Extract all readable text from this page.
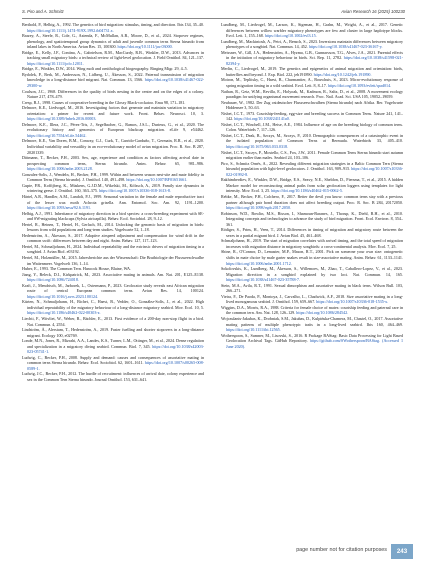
S. Piro and A. Schmitz	Avian Research 16 (2025) 100230

Berthold, P., Helbig, A., 1992. The genetics of bird migration: stimulus, timing, and direction. Ibis 134, 35–40. https://doi.org/10.1111/j.1474-919X.1992.tb04731.x.

Brazey, A., Steele, R., Cole, G., Azienda, F., McMullan, A.B., Moore, D., et al., 2024. Stopover regimes, phenology, and spatiotemporal group dynamics of adult and juvenile common terns Sterna hirundo from inland lakes in North America. Avian Res. 15, 100300. https://doi.org/10.1111/jav.03000.

Bridge, E., Kelly, J.F., Contina, A., Gabrielson, R.M., MacCurdy, R.B., Winkler, D.W., 2013. Advances in tracking small migratory birds: a technical review of light-level geolocation. J. Field Ornithol. 84, 121–137. https://doi.org/10.1111/jofo.12011.

Bridge, E., Winkler, D.W., 2014. Wing molt and ornithological biogeography. Ringing Migr. 29, 4–5.

Bydolek, P., Berk, M., Andersson, N., Lidberg, U., Åkesson, S., 2022. Paternal transmission of migration knowledge in a long-distance bird migrant. Nat. Commun. 13, 1566. https://doi.org/10.1038/s41467-022-29300-w.

Coulson, J.C., 1968. Differences in the quality of birds nesting in the centre and on the edges of a colony. Nature 217, 478–479.

Cresp, B.J., 1998. Causes of cooperative breeding in the Glossy Black-cockatoo. Emu 98, 171–181.

Delmore, K.E., Liedvogel, M., 2016. Investigating factors that generate and maintain variation in migratory orientation: a primer for recent and future work. Front. Behav. Neurosci. 10, 3. https://doi.org/10.3389/fnbeh.2016.00003.

Delmore, K.E., Illera, J.C., Pérez-Tris, J., Segelbacher, G., Ramos, J.S.L., Durieux, G., et al., 2020. The evolutionary history and genomics of European blackcap migration. eLife 9, e54462. https://doi.org/10.7554/eLife.54462.

Delmore, K.E., Van Doren, B.M., Conway, G.J., Curk, T., Garrido-Garduño, T., Germain, R.R., et al., 2020. Individual variability and versatility in an eco-evolutionary model of avian migration. Proc. R. Soc. B 287, 20201339.

Dittmann, T., Becker, P.H., 2003. Sex, age, experience and condition as factors affecting arrival date in prospecting common terns, Sterna hirundo. Anim. Behav. 65, 981–986. https://doi.org/10.1006/anbe.2003.2128.

Gonzalez-Solis, J., Wendeln, H., Becker, P.H., 1999. Within and between season nest-site and mate fidelity in Common Terns (Sterna hirundo). J. Ornithol. 140, 491–498. https://doi.org/10.1007/BF01651661.

Gupte, P.R., Koffijberg, K., Müskens, G.J.D.M., Wikelski, M., Kölzsch, A., 2019. Family size dynamics in wintering geese. J. Ornithol. 160, 363–375. https://doi.org/10.1007/s10336-018-1613-8.

Härtel, A.R., Handler, A.M., Landolt, P.J., 1999. Seasonal variation in the female and male reproductive tract of the lesser wax moth Achroia grisella. Ann. Entomol. Soc. Am. 92, 1191–1200. https://doi.org/10.1093/aesa/92.6.1191.

Helbig, A.J., 1991. Inheritance of migratory direction in a bird species: a cross-breeding experiment with SE- and SW-migrating blackcaps (Sylvia atricapilla). Behav. Ecol. Sociobiol. 28, 9–12.

Hertel, R., Heinen, T., Hertel, H., Gerlach, M., 2014. Unlocking the genomic basis of migration in birds: lessons from wild populations and long-term studies. Vogelwarte 52, 1–18.

Hedenström, A., Åkesson, S., 2017. Adaptive airspeed adjustment and compensation for wind drift in the common swift: differences between day and night. Anim. Behav. 127, 117–123.

Hertel, M., Schmaljohann, H., 2024. Individual repeatability and the extrinsic drivers of migration timing in a songbird. J. Avian Biol. e03192.

Hertel, M., Holzmüller, M., 2015. Jahresberichte aus der Wissenschaft: Die Brutbiologie der Flussseeschwalbe im Wattenmeer. Vogelwelt 136, 1–14.

Huber, E., 1993. The Common Tern. Hancock House, Blaine, WA.

Jiang, Y., Beleck, D.I., Kirkpatrick, M., 2023. Associative mating in animals. Am. Nat. 201, E125–E138. https://doi.org/10.1086/724018.

Kraft, J., Mendrisch, M., Jarborek, L., Ostermann, P., 2023. Geolocator study reveals east African migration route of central European common terns. Avian Res. 14, 100124. https://doi.org/10.1016/j.avrs.2023.100124.

Kürten, N., Schmaljohann, H., Bichet, C., Haest, B., Vedder, O., González-Solís, J., et al., 2022. High individual repeatability of the migratory behaviour of a long-distance migratory seabird. Mov. Ecol. 10, 5. https://doi.org/10.1186/s40462-022-00303-z.

Liechti, F., Witvliet, W., Weber, R., Bächler, E., 2013. First evidence of a 200-day non-stop flight in a bird. Nat. Commun. 4, 2554.

Lindström, Å., Alerstam, T., Hedenström, A., 2019. Faster fuelling and shorter stopovers in a long-distance migrant. Ecology 100, e02769.

Londe, M.N., Jones, R., Mizrahi, A.A., Landes, K.S., Turner, L.M., Ottinger, M., et al., 2024. Dense regulation and specialization in a migratory diving seabird. Commun. Biol. 7, 345. https://doi.org/10.1038/s42003-023-05741-1.

Ludwig, C., Becker, P.H., 2008. Supply and demand: causes and consequences of assortative mating in common terns Sterna hirundo. Behav. Ecol. Sociobiol. 62, 1601–1611. https://doi.org/10.1007/s00265-008-0589-1.

Ludwig, J.C., Becker, P.H., 2012. The hurdle of recruitment: influences of arrival date, colony experience and sex in the Common Tern Sterna hirundo. Journal Ornithol. 153, 631–641.

Lundberg, M., Liedvogel, M., Larson, K., Sigeman, H., Grahn, M., Wright, A., et al., 2017. Genetic differences between willow warbler migratory phenotypes are few and cluster in large haplotype blocks. Evol. Lett. 1, 155–168. https://doi.org/10.1002/evl3.15.

Lundberg, M., Mackintosh, A., Petri, A., Bensch, S., 2023. Inversions maintain differences between migratory phenotypes of a songbird. Nat. Commun. 14, 452. https://doi.org/10.1038/s41467-023-36167-y.

Meissner, W., Gill, J.A., Hedenström, A., Hyzma, G.B., Gunnarsson, T.G., Alves, J.A., 2021. Parental effects in the initiation of migratory behaviour in birds. Sci. Rep. 11, 2782. https://doi.org/10.1038/s41598-021-82394-y.

Merlin, C., Liedvogel, M., 2019. The genetics and epigenetics of animal migration and orientation: birds, butterflies and beyond. J. Exp. Biol. 222, jeb191890. https://doi.org/10.1242/jeb.191890.

Moiron, M., Teplitsky, C., Haest, B., Charmantier, A., Bouwhuis, S., 2023. Micro-evolutionary response of spring migration timing in a wild seabird. Evol. Lett. 8, 8–17. https://doi.org/10.1093/evlett/qrad014.

Nathan, R., Getz, W.M., Revilla, E., Holyoak, M., Kadmon, R., Saltz, D., et al., 2008. A movement ecology paradigm for unifying organismal movement research. Proc. Natl. Acad. Sci. USA 105, 19052–19059.

Neubauer, W., 1982. Der Zug ostdeutscher Flussseeschwalben (Sterna hirundo) nach Afrika. Ber. Vogelwarte Hiddensee 3, 50–63.

Nisbet, I.C.T., 1973. Courtship-feeding, egg-size and breeding success in Common Terns. Nature 241, 141–142. https://doi.org/10.1038/241141a0.

Nisbet, I.C.T., Winchell, J.M., Heise, A.E., 1984. Influence of age on the breeding biology of common terns. Colon. Waterbirds 7, 117–126.

Nisbet, I.C.T., Deak, B., Szczys, M., Szczys, P., 2010. Demographic consequences of a catastrophic event in the isolated population of Common Terns at Bermuda. Waterbirds 33, 405–410. https://doi.org/10.1675/063.033.0318.

Nisbet, I.C.T., Szczys, P., Mostello, C.S., Fox, J.W., 2011. Female Common Terns Sterna hirundo start autumn migration earlier than males. Seabird 24, 103–106.

Piro, S., Schmitz Ornés, A., 2022. Revealing different migration strategies in a Baltic Common Tern (Sterna hirundo) population with light-level geolocators. J. Ornithol. 163, 909–915. https://doi.org/10.1007/s10336-022-01992-8.

Rakhimberdiev, E., Winkler, D.W., Bridge, E.S., Seavy, N.E., Sheldon, D., Piersma, T., et al., 2015. A hidden Markov model for reconstructing animal paths from solar geolocation loggers using templates for light intensity. Mov. Ecol. 3, 25. https://doi.org/10.1186/s40462-015-0062-5.

Rebke, M., Becker, P.H., Colchero, F., 2017. Better the devil you know: common terns stay with a previous partner although pair bond duration does not affect breeding output. Proc. R. Soc. B 284, 20172050. https://doi.org/10.1098/rspb.2017.2050.

Robinson, W.D., Bowlin, M.S., Bisson, I., Shamoun-Baranes, J., Thorup, K., Diehl, R.H., et al., 2010. Integrating concepts and technologies to advance the study of bird migration. Front. Ecol. Environ. 8, 354–361.

Rödiger, S., Prins, H., Veen, T., 2014. Differences in timing of migration and migratory route between the sexes in a partial migrant bird. J. Avian Biol. 45, 461–468.

Schmaljohann, H., 2019. The start of migration correlates with arrival timing, and the total speed of migration increases with migration distance in migratory songbirds: a cross-continental analysis. Mov. Ecol. 7, 25.

Shine, R., O'Connor, D., Lemaster, M.P., Mason, R.T., 2001. Pick on someone your own size: ontogenetic shifts in mate choice by male garter snakes result in size-assortative mating. Anim. Behav. 61, 1133–1141. https://doi.org/10.1006/anbe.2001.1712.

Sokolovskis, K., Lundberg, M., Åkesson, S., Willemoes, M., Zhao, T., Caballero-Lopez, V., et al., 2023. Migration direction in a songbird explained by two loci. Nat. Commun. 14, 165. https://doi.org/10.1038/s41467-023-35788-7.

Stein, M.A., Avila, R.T., 1991. Sexual dimorphism and assortative mating in black terns. Wilson Bull. 103, 266–271.

Vieira, F., De Paoda, P., Montoya, J., Carvalho, L., Chadwick, A.F., 2018. Size assortative mating in a long-lived monogamous seabird. J. Ornithol. 159, 659–667. https://doi.org/10.1007/s10336-018-1535-x.

Wiggins, D.A., Morris, R.A., 1988. Criteria for female choice of mates: courtship feeding and paternal care in the common tern. Am. Nat. 128, 126–129. https://doi.org/10.1086/284542.

Wojczulanis-Jakubas, K., Drobniak, S.M., Jakubas, D., Kulpińska-Chamera, M., Chastel, O., 2017. Assortative mating patterns of multiple phenotypic traits in a long-lived seabird. Ibis 160, 464–469. https://doi.org/10.1111/ibi.12565.

Wotherspoon, S., Sumner, M., Lisovski, S., 2016. R Package BAStag: Basic Data Processing for Light Based Geolocation Archival Tags. GitHub Repository. https://github.com/SWotherspoon/BAStag. (Accessed 1 June 2020).

page number not for citation purposes	243
